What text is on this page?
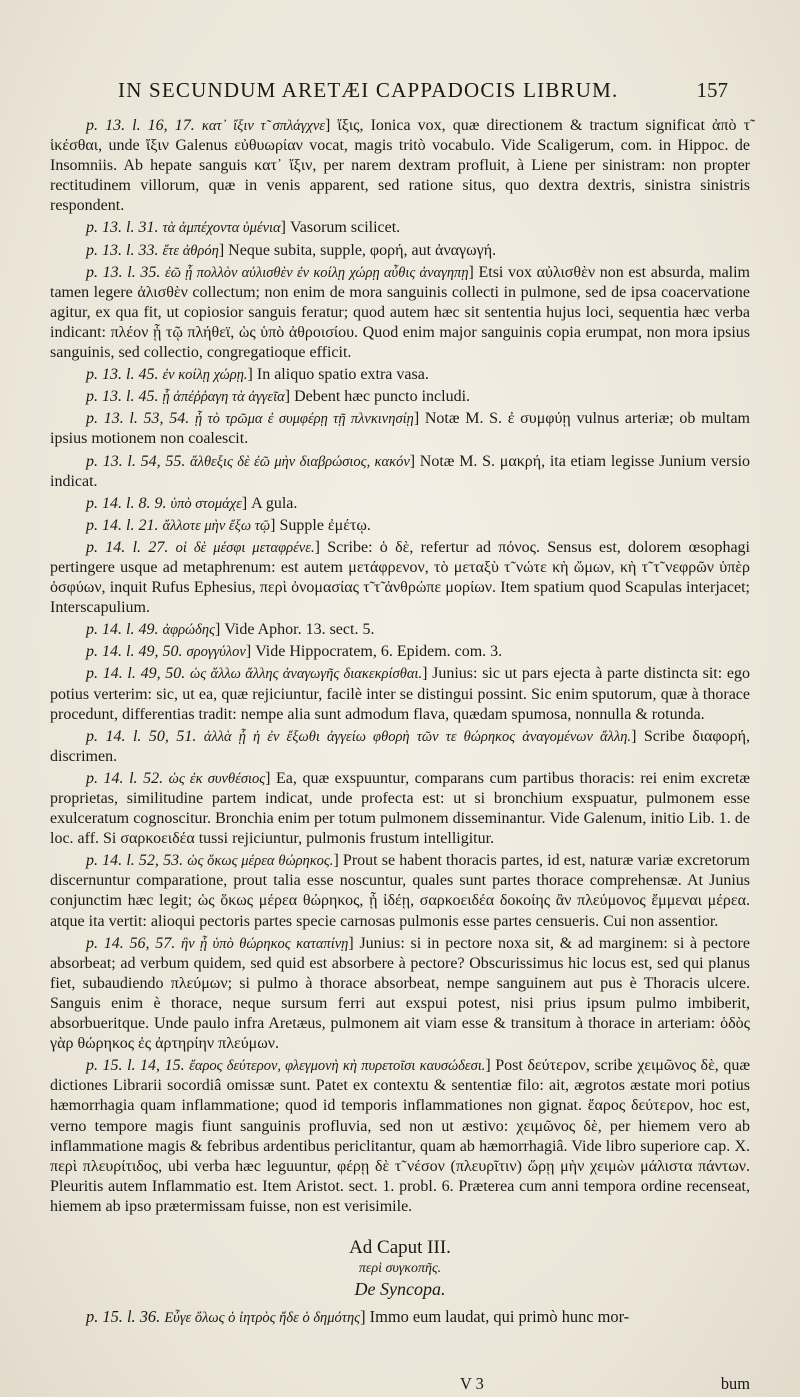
IN SECUNDUM ARETÆI CAPPADOCIS LIBRUM.	157
p. 13. l. 16, 17. κατ᾽ ἴξιν τ̃ σπλάγχνε] ἴξις, Ionica vox, quæ directionem & tractum significat ἀπὸ τ̃ ἱκέσθαι, unde ἴξιν Galenus εὐθυωρίαν vocat, magis tritò vocabulo. Vide Scaligerum, com. in Hippoc. de Insomniis. Ab hepate sanguis κατ᾽ ἴξιν, per narem dextram profluit, à Liene per sinistram: non propter rectitudinem villorum, quæ in venis apparent, sed ratione situs, quo dextra dextris, sinistra sinistris respondent.
p. 13. l. 31. τὰ ἀμπέχοντα ὑμένια] Vasorum scilicet.
p. 13. l. 33. ἔτε ἀθρόη] Neque subita, supple, φορή, aut ἀναγωγή.
p. 13. l. 35. ἐῶ ᾗ πολλὸν αὐλισθὲν ἐν κοίλῃ χώρῃ αὖθις ἀναγηπῃ] Etsi vox αὐλισθὲν non est absurda, malim tamen legere ἀλισθὲν collectum; non enim de mora sanguinis collecti in pulmone, sed de ipsa coacervatione agitur, ex qua fit, ut copiosior sanguis feratur; quod autem hæc sit sententia hujus loci, sequentia hæc verba indicant: πλέον ᾗ τῷ πλήθεϊ, ὡς ὑπὸ ἀθροισίου. Quod enim major sanguinis copia erumpat, non mora ipsius sanguinis, sed collectio, congregatioque efficit.
p. 13. l. 45. ἐν κοίλῃ χώρῃ.] In aliquo spatio extra vasa.
p. 13. l. 45. ᾗ ἀπέῤῥαγη τὰ ἀγγεῖα] Debent hæc puncto includi.
p. 13. l. 53, 54. ᾗ τὸ τρῶμα ἐ συμφέρῃ τῇ πλνκινησίῃ] Notæ M. S. ἐ συμφύῃ vulnus arteriæ; ob multam ipsius motionem non coalescit.
p. 13. l. 54, 55. ἄλθεξις δὲ ἐῶ μὴν διαβρώσιος, κακόν] Notæ M. S. μακρή, ita etiam legisse Junium versio indicat.
p. 14. l. 8. 9. ὑπὸ στομάχε] A gula.
p. 14. l. 21. ἄλλοτε μὴν ἔξω τῷ] Supple ἐμέτῳ.
p. 14. l. 27. οἱ δὲ μέσφι μεταφρένε.] Scribe: ὁ δὲ, refertur ad πόνος. Sensus est, dolorem œsophagi pertingere usque ad metaphrenum: est autem μετάφρενον, τὸ μεταξὺ τ̃ νώτε κὴ ὤμων, κὴ τ̃ τ̃ νεφρῶν ὑπὲρ ὀσφύων, inquit Rufus Ephesius, περὶ ὀνομασίας τ̃ τ̃ ἀνθρώπε μορίων. Item spatium quod Scapulas interjacet; Interscapulium.
p. 14. l. 49. ἀφρώδης] Vide Aphor. 13. sect. 5.
p. 14. l. 49, 50. σρογγύλον] Vide Hippocratem, 6. Epidem. com. 3.
p. 14. l. 49, 50. ὡς ἄλλω ἄλλης ἀναγωγῆς διακεκρίσθαι.] Junius: sic ut pars ejecta à parte distincta sit: ego potius verterim: sic, ut ea, quæ rejiciuntur, facilè inter se distingui possint. Sic enim sputorum, quæ à thorace procedunt, differentias tradit: nempe alia sunt admodum flava, quædam spumosa, nonnulla & rotunda.
p. 14. l. 50, 51. ἀλλὰ ᾗ ἡ ἐν ἔξωθι ἀγγείω φθορὴ τῶν τε θώρηκος ἀναγομένων ἄλλη.] Scribe διαφορή, discrimen.
p. 14. l. 52. ὡς ἐκ συνθέσιος] Ea, quæ exspuuntur, comparans cum partibus thoracis: rei enim excretæ proprietas, similitudine partem indicat, unde profecta est: ut si bronchium exspuatur, pulmonem esse exulceratum cognoscitur. Bronchia enim per totum pulmonem disseminantur. Vide Galenum, initio Lib. 1. de loc. aff. Si σαρκοειδέα tussi rejiciuntur, pulmonis frustum intelligitur.
p. 14. l. 52, 53. ὡς ὅκως μέρεα θώρηκος.] Prout se habent thoracis partes, id est, naturæ variæ excretorum discernuntur comparatione, prout talia esse noscuntur, quales sunt partes thorace comprehensæ. At Junius conjunctim hæc legit; ὡς ὅκως μέρεα θώρηκος, ᾗ ἰδέῃ, σαρκοειδέα δοκοίης ἂν πλεύμονος ἔμμεναι μέρεα. atque ita vertit: alioqui pectoris partes specie carnosas pulmonis esse partes censueris. Cui non assentior.
p. 14. 56, 57. ἢν ᾗ ὑπὸ θώρηκος καταπίνῃ] Junius: si in pectore noxa sit, & ad marginem: si à pectore absorbeat; ad verbum quidem, sed quid est absorbere à pectore? Obscurissimus hic locus est, sed qui planus fiet, subaudiendo πλεύμων; si pulmo à thorace absorbeat, nempe sanguinem aut pus è Thoracis ulcere. Sanguis enim è thorace, neque sursum ferri aut exspui potest, nisi prius ipsum pulmo imbiberit, absorbueritque. Unde paulo infra Aretæus, pulmonem ait viam esse & transitum à thorace in arteriam: ὁδὸς γὰρ θώρηκος ἐς ἀρτηρίην πλεύμων.
p. 15. l. 14, 15. ἔαρος δεύτερον, φλεγμονὴ κὴ πυρετοῖσι καυσώδεσι.] Post δεύτερον, scribe χειμῶνος δὲ, quæ dictiones Librarii socordiâ omissæ sunt. Patet ex contextu & sententiæ filo: ait, ægrotos æstate mori potius hæmorrhagia quam inflammatione; quod id temporis inflammationes non gignat. ἔαρος δεύτερον, hoc est, verno tempore magis fiunt sanguinis profluvia, sed non ut æstivo: χειμῶνος δὲ, per hiemem vero ab inflammatione magis & febribus ardentibus periclitantur, quam ab hæmorrhagiâ. Vide libro superiore cap. X. περὶ πλευρίτιδος, ubi verba hæc leguuntur, φέρῃ δὲ τ̃ νέσον (πλευρῖτιν) ὥρῃ μὴν χειμὼν μάλιστα πάντων. Pleuritis autem Inflammatio est. Item Aristot. sect. 1. probl. 6. Præterea cum anni tempora ordine recenseat, hiemem ab ipso prætermissam fuisse, non est verisimile.
Ad Caput III.
περὶ συγκοπῆς.
De Syncopa.
p. 15. l. 36. Εὖγε ὅλως ὁ ἰητρὸς ἤδε ὁ δημότης] Immo eum laudat, qui primò hunc mor-
V 3	bum
